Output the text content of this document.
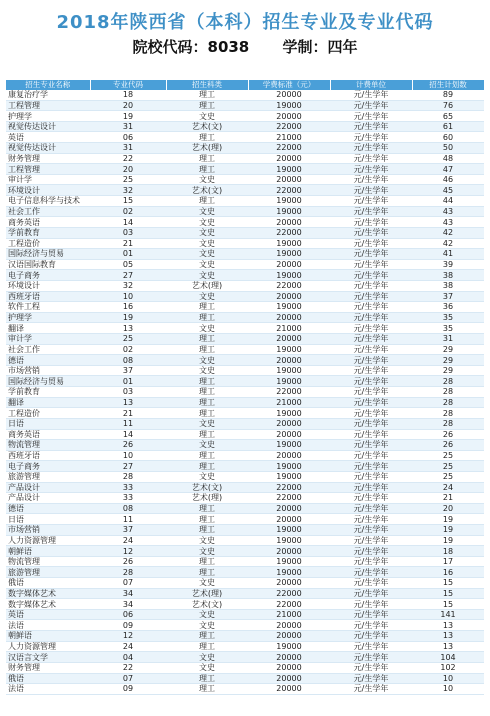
2018年陕西省（本科）招生专业及专业代码
院校代码：8038 学制：四年
招生专业名称	专业代码	招生科类	学费标准（元）	计费单位	招生计划数
康复治疗学	18	理工	20000	元/生学年	89
工程管理	20	理工	19000	元/生学年	76
护理学	19	文史	20000	元/生学年	65
视觉传达设计	31	艺术(文)	22000	元/生学年	61
英语	06	理工	21000	元/生学年	60
视觉传达设计	31	艺术(理)	22000	元/生学年	50
财务管理	22	理工	20000	元/生学年	48
工程管理	20	理工	19000	元/生学年	47
审计学	25	文史	20000	元/生学年	46
环境设计	32	艺术(文)	22000	元/生学年	45
电子信息科学与技术	15	理工	19000	元/生学年	44
社会工作	02	文史	19000	元/生学年	43
商务英语	14	文史	20000	元/生学年	43
学前教育	03	文史	22000	元/生学年	42
工程造价	21	文史	19000	元/生学年	42
国际经济与贸易	01	文史	19000	元/生学年	41
汉语国际教育	05	文史	20000	元/生学年	39
电子商务	27	文史	19000	元/生学年	38
环境设计	32	艺术(理)	22000	元/生学年	38
西班牙语	10	文史	20000	元/生学年	37
软件工程	16	理工	19000	元/生学年	36
护理学	19	理工	20000	元/生学年	35
翻译	13	文史	21000	元/生学年	35
审计学	25	理工	20000	元/生学年	31
社会工作	02	理工	19000	元/生学年	29
德语	08	文史	20000	元/生学年	29
市场营销	37	文史	19000	元/生学年	29
国际经济与贸易	01	理工	19000	元/生学年	28
学前教育	03	理工	22000	元/生学年	28
翻译	13	理工	21000	元/生学年	28
工程造价	21	理工	19000	元/生学年	28
日语	11	文史	20000	元/生学年	28
商务英语	14	理工	20000	元/生学年	26
物流管理	26	文史	19000	元/生学年	26
西班牙语	10	理工	20000	元/生学年	25
电子商务	27	理工	19000	元/生学年	25
旅游管理	28	文史	19000	元/生学年	25
产品设计	33	艺术(文)	22000	元/生学年	24
产品设计	33	艺术(理)	22000	元/生学年	21
德语	08	理工	20000	元/生学年	20
日语	11	理工	20000	元/生学年	19
市场营销	37	理工	19000	元/生学年	19
人力资源管理	24	文史	19000	元/生学年	19
朝鲜语	12	文史	20000	元/生学年	18
物流管理	26	理工	19000	元/生学年	17
旅游管理	28	理工	19000	元/生学年	16
俄语	07	文史	20000	元/生学年	15
数字媒体艺术	34	艺术(理)	22000	元/生学年	15
数字媒体艺术	34	艺术(文)	22000	元/生学年	15
英语	06	文史	21000	元/生学年	141
法语	09	文史	20000	元/生学年	13
朝鲜语	12	理工	20000	元/生学年	13
人力资源管理	24	理工	19000	元/生学年	13
汉语言文学	04	文史	20000	元/生学年	104
财务管理	22	文史	20000	元/生学年	102
俄语	07	理工	20000	元/生学年	10
法语	09	理工	20000	元/生学年	10
